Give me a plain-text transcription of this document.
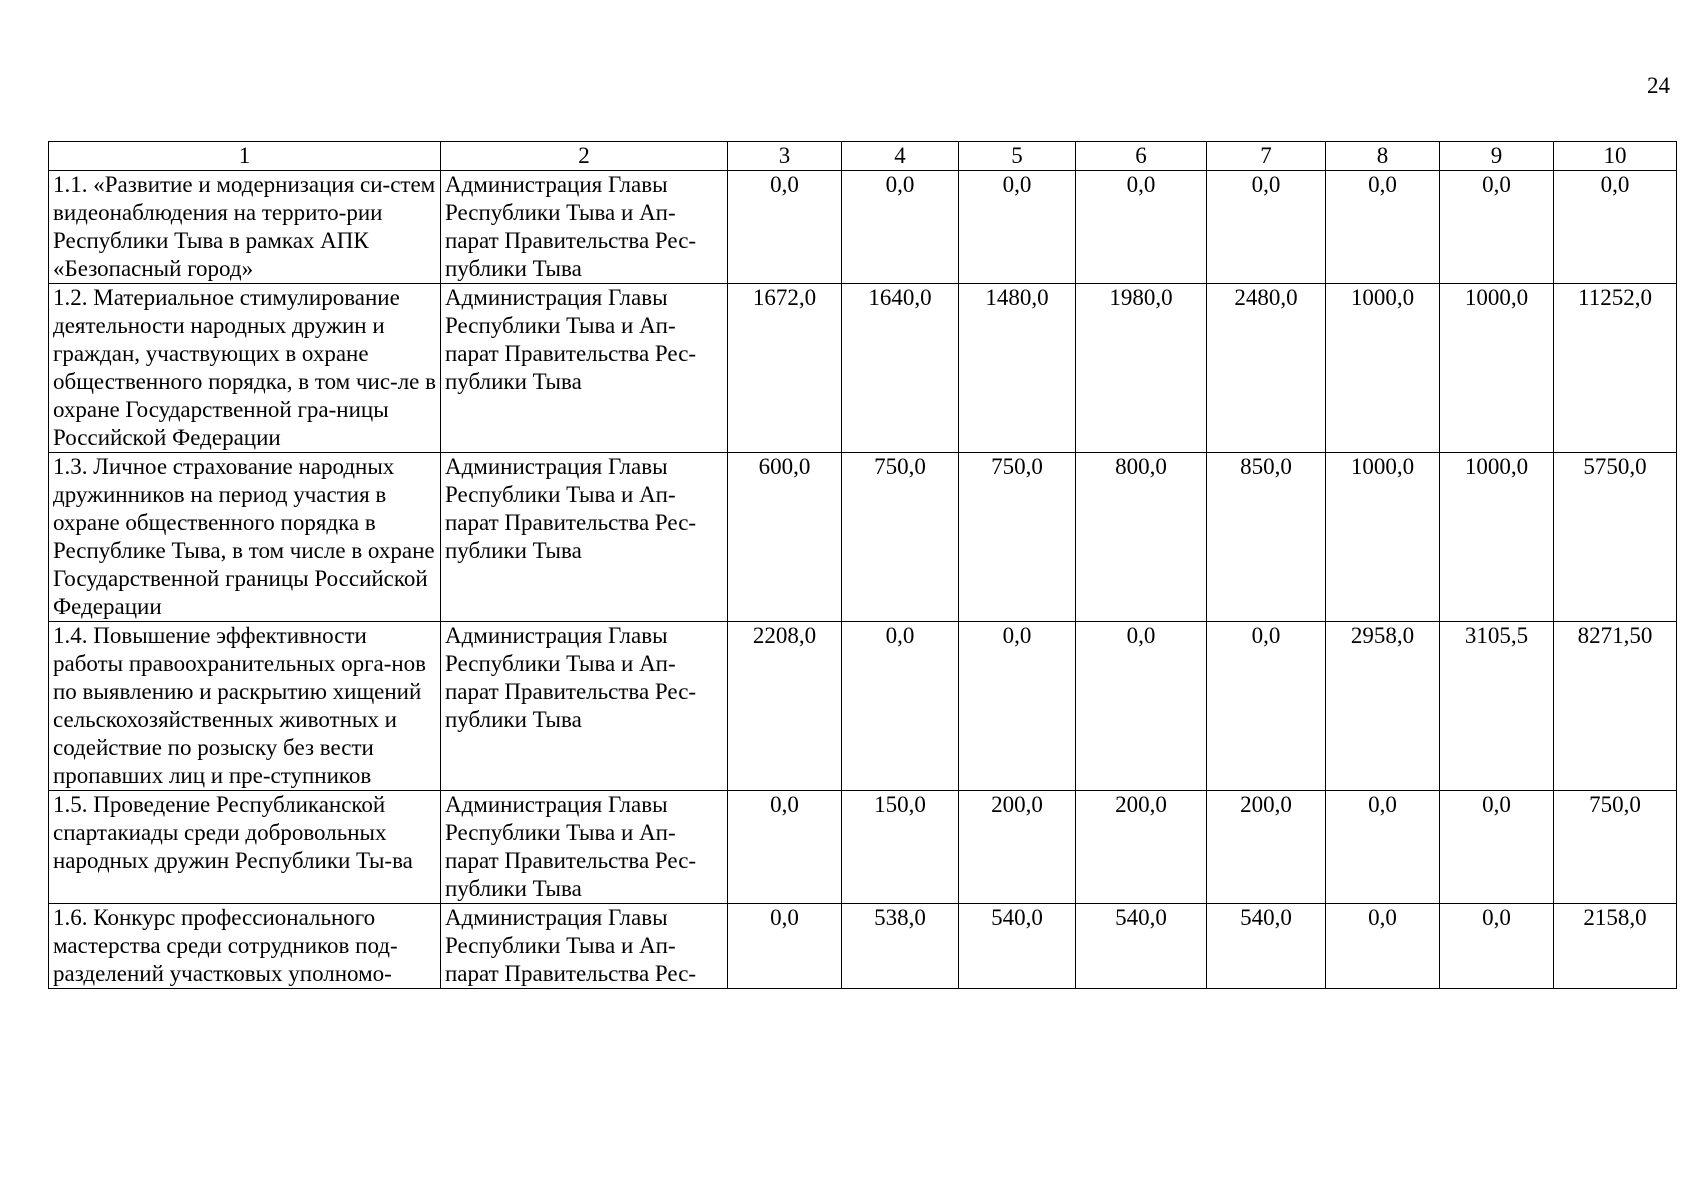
24
1	2	3	4	5	6	7	8	9	10
1.1. «Развитие и модернизация си-стем видеонаблюдения на террито-рии Республики Тыва в рамках АПК «Безопасный город»	Администрация Главы Республики Тыва и Ап-парат Правительства Рес-публики Тыва	0,0	0,0	0,0	0,0	0,0	0,0	0,0	0,0
1.2. Материальное стимулирование деятельности народных дружин и граждан, участвующих в охране общественного порядка, в том чис-ле в охране Государственной гра-ницы Российской Федерации	Администрация Главы Республики Тыва и Ап-парат Правительства Рес-публики Тыва	1672,0	1640,0	1480,0	1980,0	2480,0	1000,0	1000,0	11252,0
1.3. Личное страхование народных дружинников на период участия в охране общественного порядка в Республике Тыва, в том числе в охране Государственной границы Российской Федерации	Администрация Главы Республики Тыва и Ап-парат Правительства Рес-публики Тыва	600,0	750,0	750,0	800,0	850,0	1000,0	1000,0	5750,0
1.4. Повышение эффективности работы правоохранительных орга-нов по выявлению и раскрытию хищений сельскохозяйственных животных и содействие по розыску без вести пропавших лиц и пре-ступников	Администрация Главы Республики Тыва и Ап-парат Правительства Рес-публики Тыва	2208,0	0,0	0,0	0,0	0,0	2958,0	3105,5	8271,50
1.5. Проведение Республиканской спартакиады среди добровольных народных дружин Республики Ты-ва	Администрация Главы Республики Тыва и Ап-парат Правительства Рес-публики Тыва	0,0	150,0	200,0	200,0	200,0	0,0	0,0	750,0
1.6. Конкурс профессионального мастерства среди сотрудников под-разделений участковых уполномо-	Администрация Главы Республики Тыва и Ап-парат Правительства Рес-	0,0	538,0	540,0	540,0	540,0	0,0	0,0	2158,0
